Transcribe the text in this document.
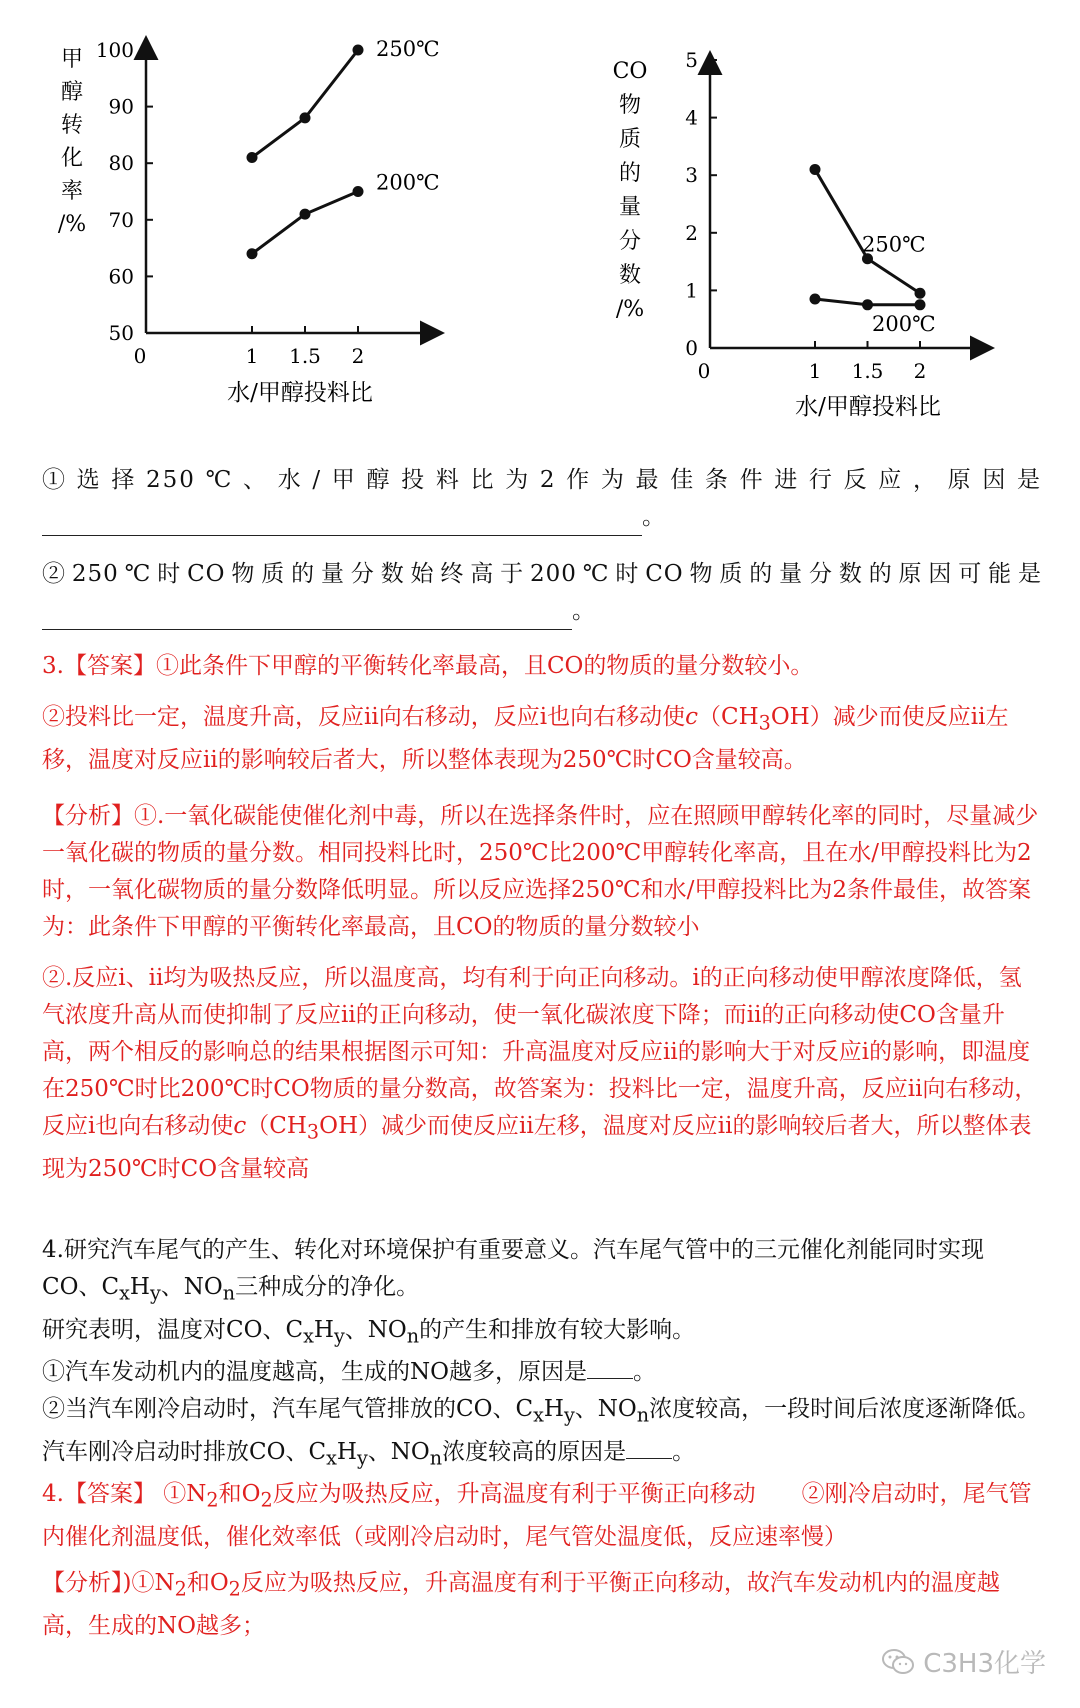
甲
醇
转
化
率
/%
100
90
80
70
60
50
0	1 1.5 2
250℃
200℃
水/甲醇投料比
CO
物
质
的
量
分
数
/%
5
4
3
2
1
0
0	1 1.5 2
250℃
200℃
水/甲醇投料比
①选择250℃、水/甲醇投料比为2作为最佳条件进行反应，原因是
。
②250℃时CO物质的量分数始终高于200℃时CO物质的量分数的原因可能是
。
3.【答案】①此条件下甲醇的平衡转化率最高，且CO的物质的量分数较小。
②投料比一定，温度升高，反应ii向右移动，反应i也向右移动使$c(CH_3OH)$减少而使反应ii左移，温度对反应ii的影响较后者大，所以整体表现为250℃时CO含量较高。
【分析】①.一氧化碳能使催化剂中毒，所以在选择条件时，应在照顾甲醇转化率的同时，尽量减少一氧化碳的物质的量分数。相同投料比时，250℃比200℃甲醇转化率高，且在水/甲醇投料比为2时，一氧化碳物质的量分数降低明显。所以反应选择250℃和水/甲醇投料比为2条件最佳，故答案为：此条件下甲醇的平衡转化率最高，且CO的物质的量分数较小
②.反应i、ii均为吸热反应，所以温度高，均有利于向正向移动。i的正向移动使甲醇浓度降低，氢气浓度升高从而使抑制了反应ii的正向移动，使一氧化碳浓度下降；而ii的正向移动使CO含量升高，两个相反的影响总的结果根据图示可知：升高温度对反应ii的影响大于对反应i的影响，即温度在250℃时比200℃时CO物质的量分数高，故答案为：投料比一定，温度升高，反应ii向右移动，反应i也向右移动使$c(CH_3OH)$减少而使反应ii左移，温度对反应ii的影响较后者大，所以整体表现为250℃时CO含量较高
4.研究汽车尾气的产生、转化对环境保护有重要意义。汽车尾气管中的三元催化剂能同时实现CO、$C_xH_y$、$NO_n$三种成分的净化。
研究表明，温度对CO、$C_xH_y$、$NO_n$的产生和排放有较大影响。
①汽车发动机内的温度越高，生成的NO越多，原因是 。
②当汽车刚冷启动时，汽车尾气管排放的CO、$C_xH_y$、$NO_n$浓度较高，一段时间后浓度逐渐降低。汽车刚冷启动时排放CO、$C_xH_y$、$NO_n$浓度较高的原因是 。
4.【答案】 $①N_2$和$O_2$反应为吸热反应，升高温度有利于平衡正向移动　　②刚冷启动时，尾气管内催化剂温度低，催化效率低（或刚冷启动时，尾气管处温度低，反应速率慢）
【分析】)$①N_2$和$O_2$反应为吸热反应，升高温度有利于平衡正向移动，故汽车发动机内的温度越高，生成的NO越多；
C3H3化学
